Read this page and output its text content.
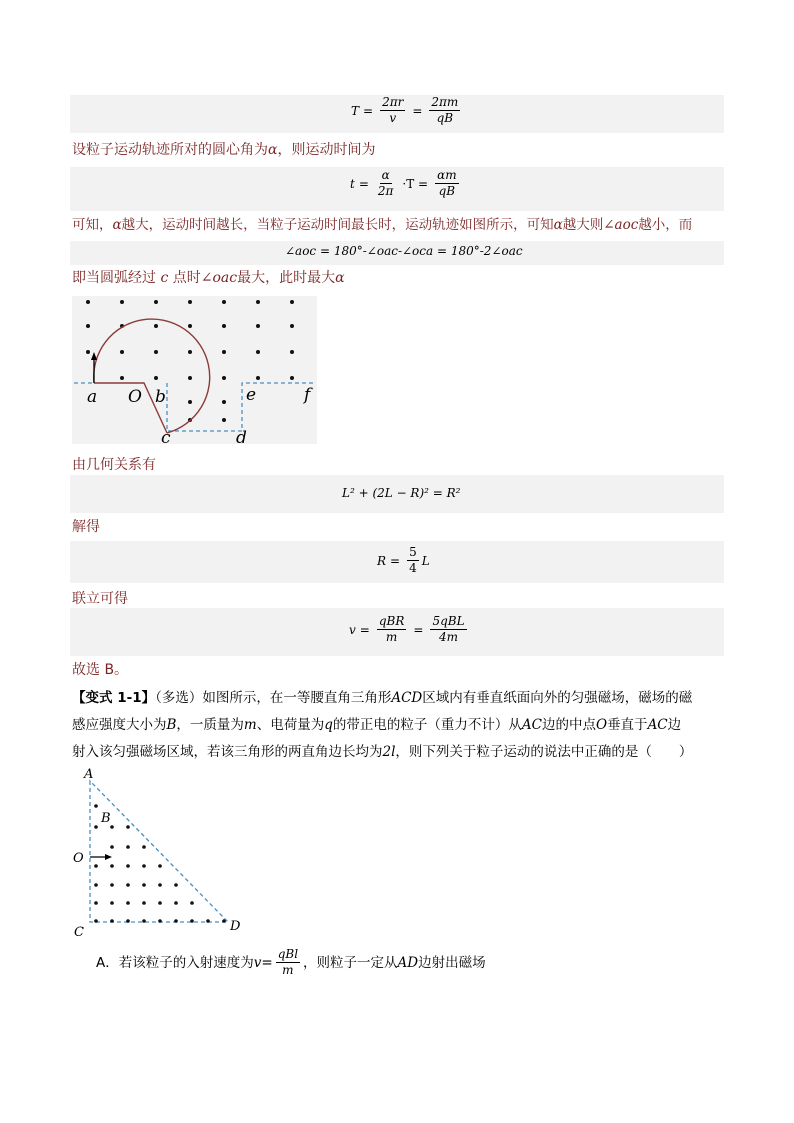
$T = \frac{2\pi r}{v} = \frac{2\pi m}{qB}$
设粒子运动轨迹所对的圆心角为α，则运动时间为
$t = \frac{\alpha}{2\pi} \cdot T = \frac{\alpha m}{qB}$
可知，α越大，运动时间越长，当粒子运动时间最长时，运动轨迹如图所示，可知α越大则∠aoc越小，而
∠aoc = 180°-∠oac-∠oca = 180°-2∠oac
即当圆弧经过 c 点时∠oac最大，此时最大α
a O b
c	d
e	f
由几何关系有
L² + (2L − R)² = R²
解得
$R = \frac{5}{4}$ L
联立可得
$v = \frac{\text{qBR}}{m} = \frac{\text{5qBL}}{4m}$
故选 B。
【变式 1-1】（多选）如图所示，在一等腰直角三角形ACD区域内有垂直纸面向外的匀强磁场，磁场的磁
感应强度大小为B，一质量为m、电荷量为q的带正电的粒子（重力不计）从AC边的中点O垂直于AC边
射入该匀强磁场区域，若该三角形的两直角边长均为2l，则下列关于粒子运动的说法中正确的是（　　）
A
B
O
C	D
A．若该粒子的入射速度为 $v= \frac{\text{qBl}}{m}$ ，则粒子一定从 AD 边射出磁场
